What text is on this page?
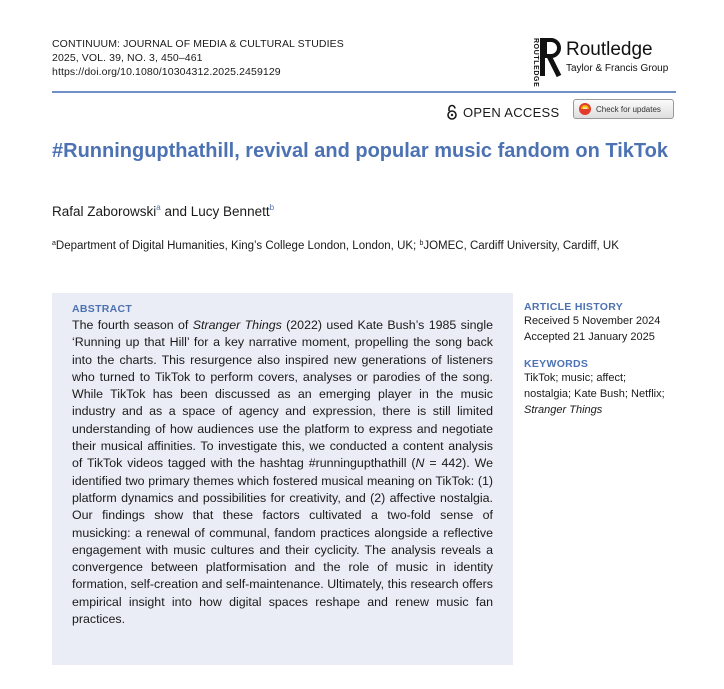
CONTINUUM: JOURNAL OF MEDIA & CULTURAL STUDIES
2025, VOL. 39, NO. 3, 450–461
https://doi.org/10.1080/10304312.2025.2459129	ROUTLEDGE Routledge
Taylor & Francis Group
OPEN ACCESS	Check for updates
#Runningupthathill, revival and popular music fandom on TikTok
Rafal Zaborowski$^a$ and Lucy Bennett$^b$
$^a$Department of Digital Humanities, King’s College London, London, UK; $^b$JOMEC, Cardiff University, Cardiff, UK
ABSTRACT
The fourth season of Stranger Things (2022) used Kate Bush’s 1985 single ‘Running up that Hill’ for a key narrative moment, propelling the song back into the charts. This resurgence also inspired new generations of listeners who turned to TikTok to perform covers, analyses or parodies of the song. While TikTok has been discussed as an emerging player in the music industry and as a space of agency and expression, there is still limited understanding of how audiences use the platform to express and negotiate their musical affinities. To investigate this, we conducted a content analysis of TikTok videos tagged with the hashtag #runningupthathill (N = 442). We identified two primary themes which fostered musical meaning on TikTok: (1) platform dynamics and possibilities for creativity, and (2) affective nostalgia. Our findings show that these factors cultivated a two-fold sense of musicking: a renewal of communal, fandom practices alongside a reflective engagement with music cultures and their cyclicity. The analysis reveals a convergence between platformisation and the role of music in identity formation, self-creation and self-maintenance. Ultimately, this research offers empirical insight into how digital spaces reshape and renew music fan practices.
ARTICLE HISTORY
Received 5 November 2024
Accepted 21 January 2025
KEYWORDS
TikTok; music; affect;
nostalgia; Kate Bush; Netflix;
Stranger Things
